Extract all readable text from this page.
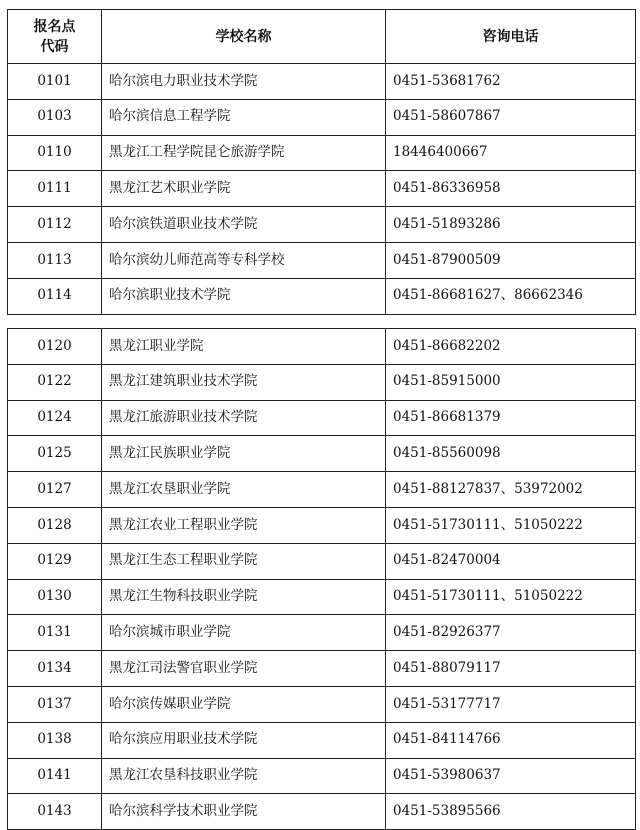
报名点
代码	学校名称	咨询电话
0101	哈尔滨电力职业技术学院	0451-53681762
0103	哈尔滨信息工程学院	0451-58607867
0110	黑龙江工程学院昆仑旅游学院	18446400667
0111	黑龙江艺术职业学院	0451-86336958
0112	哈尔滨铁道职业技术学院	0451-51893286
0113	哈尔滨幼儿师范高等专科学校	0451-87900509
0114	哈尔滨职业技术学院	0451-86681627、86662346
0120	黑龙江职业学院	0451-86682202
0122	黑龙江建筑职业技术学院	0451-85915000
0124	黑龙江旅游职业技术学院	0451-86681379
0125	黑龙江民族职业学院	0451-85560098
0127	黑龙江农垦职业学院	0451-88127837、53972002
0128	黑龙江农业工程职业学院	0451-51730111、51050222
0129	黑龙江生态工程职业学院	0451-82470004
0130	黑龙江生物科技职业学院	0451-51730111、51050222
0131	哈尔滨城市职业学院	0451-82926377
0134	黑龙江司法警官职业学院	0451-88079117
0137	哈尔滨传媒职业学院	0451-53177717
0138	哈尔滨应用职业技术学院	0451-84114766
0141	黑龙江农垦科技职业学院	0451-53980637
0143	哈尔滨科学技术职业学院	0451-53895566
